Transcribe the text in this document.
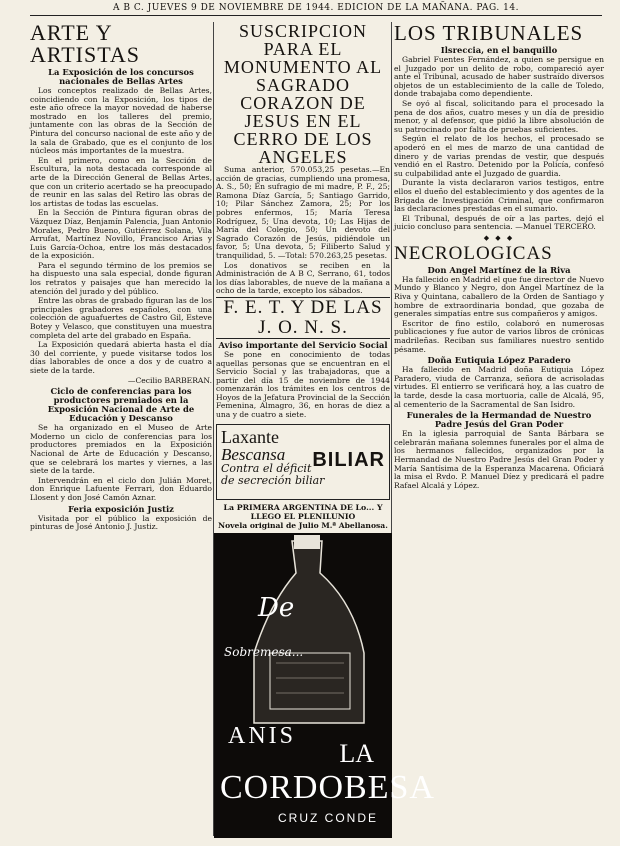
A B C. JUEVES 9 DE NOVIEMBRE DE 1944. EDICION DE LA MAÑANA. PAG. 14.
ARTE Y ARTISTAS
La Exposición de los concursos nacionales de Bellas Artes

Los conceptos realizado de Bellas Artes, coincidiendo con la Exposición, los tipos de este año ofrece la mayor novedad de haberse mostrado en los talleres del premio, juntamente con las obras de la Sección de Pintura del concurso nacional de este año y de la sala de Grabado, que es el conjunto de los núcleos más importantes de la muestra.

En el primero, como en la Sección de Escultura, la nota destacada corresponde al arte de la Dirección General de Bellas Artes, que con un criterio acertado se ha preocupado de reunir en las salas del Retiro las obras de los artistas de todas las escuelas.

En la Sección de Pintura figuran obras de Vázquez Díaz, Benjamín Palencia, Juan Antonio Morales, Pedro Bueno, Gutiérrez Solana, Vila Arrufat, Martínez Novillo, Francisco Arias y Luis García-Ochoa, entre los más destacados de la exposición.

Para el segundo término de los premios se ha dispuesto una sala especial, donde figuran los retratos y paisajes que han merecido la atención del jurado y del público.

Entre las obras de grabado figuran las de los principales grabadores españoles, con una colección de aguafuertes de Castro Gil, Esteve Botey y Velasco, que constituyen una muestra completa del arte del grabado en España.

La Exposición quedará abierta hasta el día 30 del corriente, y puede visitarse todos los días laborables de once a dos y de cuatro a siete de la tarde.

—Cecilio BARBERAN.
Ciclo de conferencias para los productores premiados en la Exposición Nacional de Arte de Educación y Descanso

Se ha organizado en el Museo de Arte Moderno un ciclo de conferencias para los productores premiados en la Exposición Nacional de Arte de Educación y Descanso, que se celebrará los martes y viernes, a las siete de la tarde.

Intervendrán en el ciclo don Julián Moret, don Enrique Lafuente Ferrari, don Eduardo Llosent y don José Camón Aznar.

Feria exposición Justiz

Visitada por el público la exposición de pinturas de José Antonio J. Justiz.

SUSCRIPCION PARA EL MONUMENTO AL SAGRADO CORAZON DE JESUS EN EL CERRO DE LOS ANGELES

Suma anterior, 570.053,25 pesetas.—En acción de gracias, cumpliendo una promesa, A. S., 50; En sufragio de mi madre, P. F., 25; Ramona Díaz García, 5; Santiago Garrido, 10; Pilar Sánchez Zamora, 25; Por los pobres enfermos, 15; María Teresa Rodríguez, 5; Una devota, 10; Las Hijas de María del Colegio, 50; Un devoto del Sagrado Corazón de Jesús, pidiéndole un favor, 5; Una devota, 5; Filiberto Salud y tranquilidad, 5. —Total: 570.263,25 pesetas.

Los donativos se reciben en la Administración de A B C, Serrano, 61, todos los días laborables, de nueve de la mañana a ocho de la tarde, excepto los sábados.

F. E. T. Y DE LAS J. O. N. S.
Aviso importante del Servicio Social

Se pone en conocimiento de todas aquellas personas que se encuentran en el Servicio Social y las trabajadoras, que a partir del día 15 de noviembre de 1944 comenzarán los trámites en los centros de Hoyos de la Jefatura Provincial de la Sección Femenina, Almagro, 36, en horas de diez a una y de cuatro a siete.

Laxante
Bescansa
Contra el déficit
de secreción biliar
BILIAR
La PRIMERA ARGENTINA DE Lo... Y LLEGO EL PLENILUNIO
Novela original de Julio M.ª Abellanosa.
De
Sobremesa...
ANIS
LA
CORDOBESA
CRUZ CONDE
LOS TRIBUNALES
Ilsreccia, en el banquillo

Gabriel Fuentes Fernández, a quien se persigue en el Juzgado por un delito de robo, compareció ayer ante el Tribunal, acusado de haber sustraído diversos objetos de un establecimiento de la calle de Toledo, donde trabajaba como dependiente.

Se oyó al fiscal, solicitando para el procesado la pena de dos años, cuatro meses y un día de presidio menor, y al defensor, que pidió la libre absolución de su patrocinado por falta de pruebas suficientes.

Según el relato de los hechos, el procesado se apoderó en el mes de marzo de una cantidad de dinero y de varias prendas de vestir, que después vendió en el Rastro. Detenido por la Policía, confesó su culpabilidad ante el Juzgado de guardia.

Durante la vista declararon varios testigos, entre ellos el dueño del establecimiento y dos agentes de la Brigada de Investigación Criminal, que confirmaron las declaraciones prestadas en el sumario.

El Tribunal, después de oír a las partes, dejó el juicio concluso para sentencia. —Manuel TERCERO.

◆ ◆ ◆
NECROLOGICAS
Don Angel Martínez de la Riva

Ha fallecido en Madrid el que fue director de Nuevo Mundo y Blanco y Negro, don Angel Martínez de la Riva y Quintana, caballero de la Orden de Santiago y hombre de extraordinaria bondad, que gozaba de generales simpatías entre sus compañeros y amigos.

Escritor de fino estilo, colaboró en numerosas publicaciones y fue autor de varios libros de crónicas madrileñas. Reciban sus familiares nuestro sentido pésame.

Doña Eutiquia López Paradero

Ha fallecido en Madrid doña Eutiquia López Paradero, viuda de Carranza, señora de acrisoladas virtudes. El entierro se verificará hoy, a las cuatro de la tarde, desde la casa mortuoria, calle de Alcalá, 95, al cementerio de la Sacramental de San Isidro.

Funerales de la Hermandad de Nuestro Padre Jesús del Gran Poder

En la iglesia parroquial de Santa Bárbara se celebrarán mañana solemnes funerales por el alma de los hermanos fallecidos, organizados por la Hermandad de Nuestro Padre Jesús del Gran Poder y María Santísima de la Esperanza Macarena. Oficiará la misa el Rvdo. P. Manuel Díez y predicará el padre Rafael Alcalá y López.
